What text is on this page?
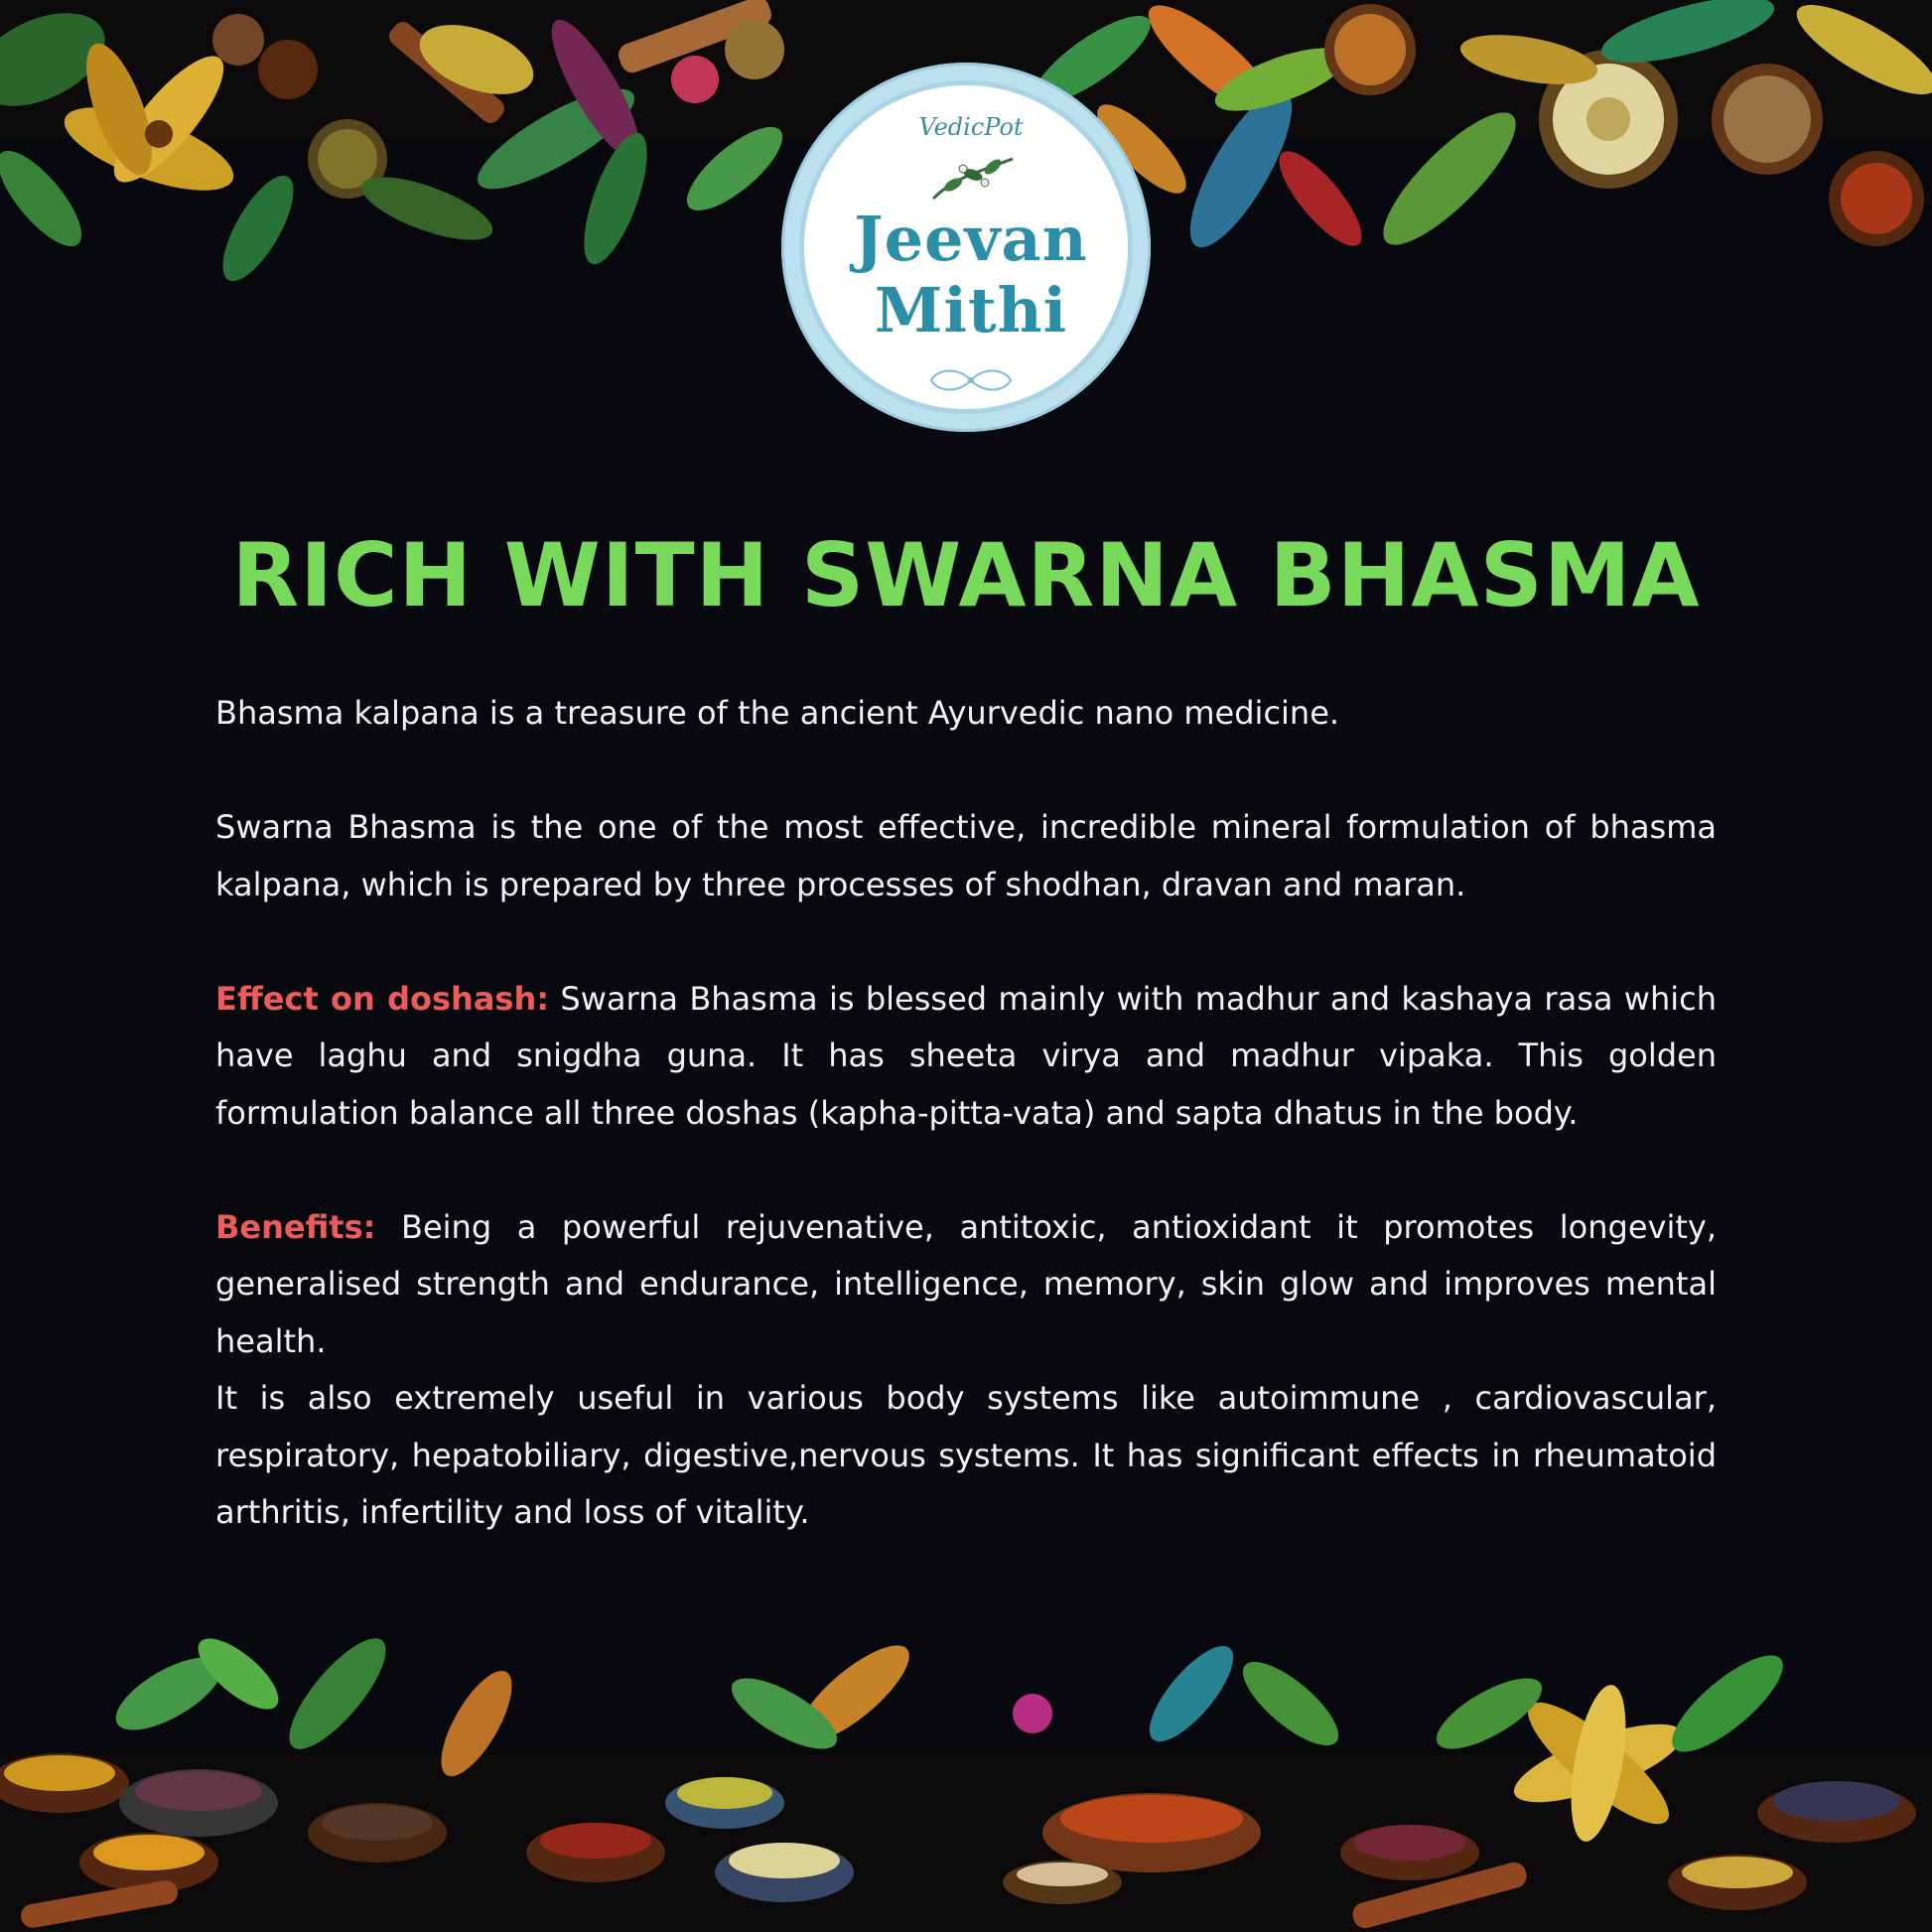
VedicPot
Jeevan
Mithi
RICH WITH SWARNA BHASMA

Bhasma kalpana is a treasure of the ancient Ayurvedic nano medicine.

Swarna Bhasma is the one of the most effective, incredible mineral formulation of bhasma kalpana, which is prepared by three processes of shodhan, dravan and maran.

Effect on doshash: Swarna Bhasma is blessed mainly with madhur and kashaya rasa which have laghu and snigdha guna. It has sheeta virya and madhur vipaka. This golden formulation balance all three doshas (kapha-pitta-vata) and sapta dhatus in the body.

Benefits: Being a powerful rejuvenative, antitoxic, antioxidant it promotes longevity, generalised strength and endurance, intelligence, memory, skin glow and improves mental health.

It is also extremely useful in various body systems like autoimmune , cardiovascular, respiratory, hepatobiliary, digestive,nervous systems. It has significant effects in rheumatoid arthritis, infertility and loss of vitality.
